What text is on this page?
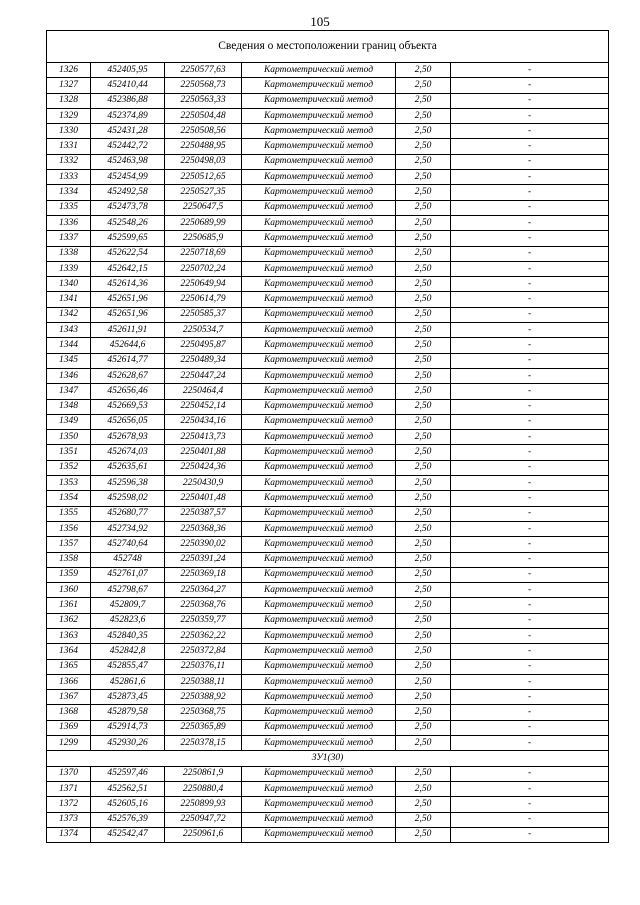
105
Сведения о местоположении границ объекта					
1326	452405,95	2250577,63	Картометрический метод	2,50	-
1327	452410,44	2250568,73	Картометрический метод	2,50	-
1328	452386,88	2250563,33	Картометрический метод	2,50	-
1329	452374,89	2250504,48	Картометрический метод	2,50	-
1330	452431,28	2250508,56	Картометрический метод	2,50	-
1331	452442,72	2250488,95	Картометрический метод	2,50	-
1332	452463,98	2250498,03	Картометрический метод	2,50	-
1333	452454,99	2250512,65	Картометрический метод	2,50	-
1334	452492,58	2250527,35	Картометрический метод	2,50	-
1335	452473,78	2250647,5	Картометрический метод	2,50	-
1336	452548,26	2250689,99	Картометрический метод	2,50	-
1337	452599,65	2250685,9	Картометрический метод	2,50	-
1338	452622,54	2250718,69	Картометрический метод	2,50	-
1339	452642,15	2250702,24	Картометрический метод	2,50	-
1340	452614,36	2250649,94	Картометрический метод	2,50	-
1341	452651,96	2250614,79	Картометрический метод	2,50	-
1342	452651,96	2250585,37	Картометрический метод	2,50	-
1343	452611,91	2250534,7	Картометрический метод	2,50	-
1344	452644,6	2250495,87	Картометрический метод	2,50	-
1345	452614,77	2250489,34	Картометрический метод	2,50	-
1346	452628,67	2250447,24	Картометрический метод	2,50	-
1347	452656,46	2250464,4	Картометрический метод	2,50	-
1348	452669,53	2250452,14	Картометрический метод	2,50	-
1349	452656,05	2250434,16	Картометрический метод	2,50	-
1350	452678,93	2250413,73	Картометрический метод	2,50	-
1351	452674,03	2250401,88	Картометрический метод	2,50	-
1352	452635,61	2250424,36	Картометрический метод	2,50	-
1353	452596,38	2250430,9	Картометрический метод	2,50	-
1354	452598,02	2250401,48	Картометрический метод	2,50	-
1355	452680,77	2250387,57	Картометрический метод	2,50	-
1356	452734,92	2250368,36	Картометрический метод	2,50	-
1357	452740,64	2250390,02	Картометрический метод	2,50	-
1358	452748	2250391,24	Картометрический метод	2,50	-
1359	452761,07	2250369,18	Картометрический метод	2,50	-
1360	452798,67	2250364,27	Картометрический метод	2,50	-
1361	452809,7	2250368,76	Картометрический метод	2,50	-
1362	452823,6	2250359,77	Картометрический метод	2,50	-
1363	452840,35	2250362,22	Картометрический метод	2,50	-
1364	452842,8	2250372,84	Картометрический метод	2,50	-
1365	452855,47	2250376,11	Картометрический метод	2,50	-
1366	452861,6	2250388,11	Картометрический метод	2,50	-
1367	452873,45	2250388,92	Картометрический метод	2,50	-
1368	452879,58	2250368,75	Картометрический метод	2,50	-
1369	452914,73	2250365,89	Картометрический метод	2,50	-
1299	452930,26	2250378,15	Картометрический метод	2,50	-
ЗУ1(30)					
1370	452597,46	2250861,9	Картометрический метод	2,50	-
1371	452562,51	2250880,4	Картометрический метод	2,50	-
1372	452605,16	2250899,93	Картометрический метод	2,50	-
1373	452576,39	2250947,72	Картометрический метод	2,50	-
1374	452542,47	2250961,6	Картометрический метод	2,50	-
